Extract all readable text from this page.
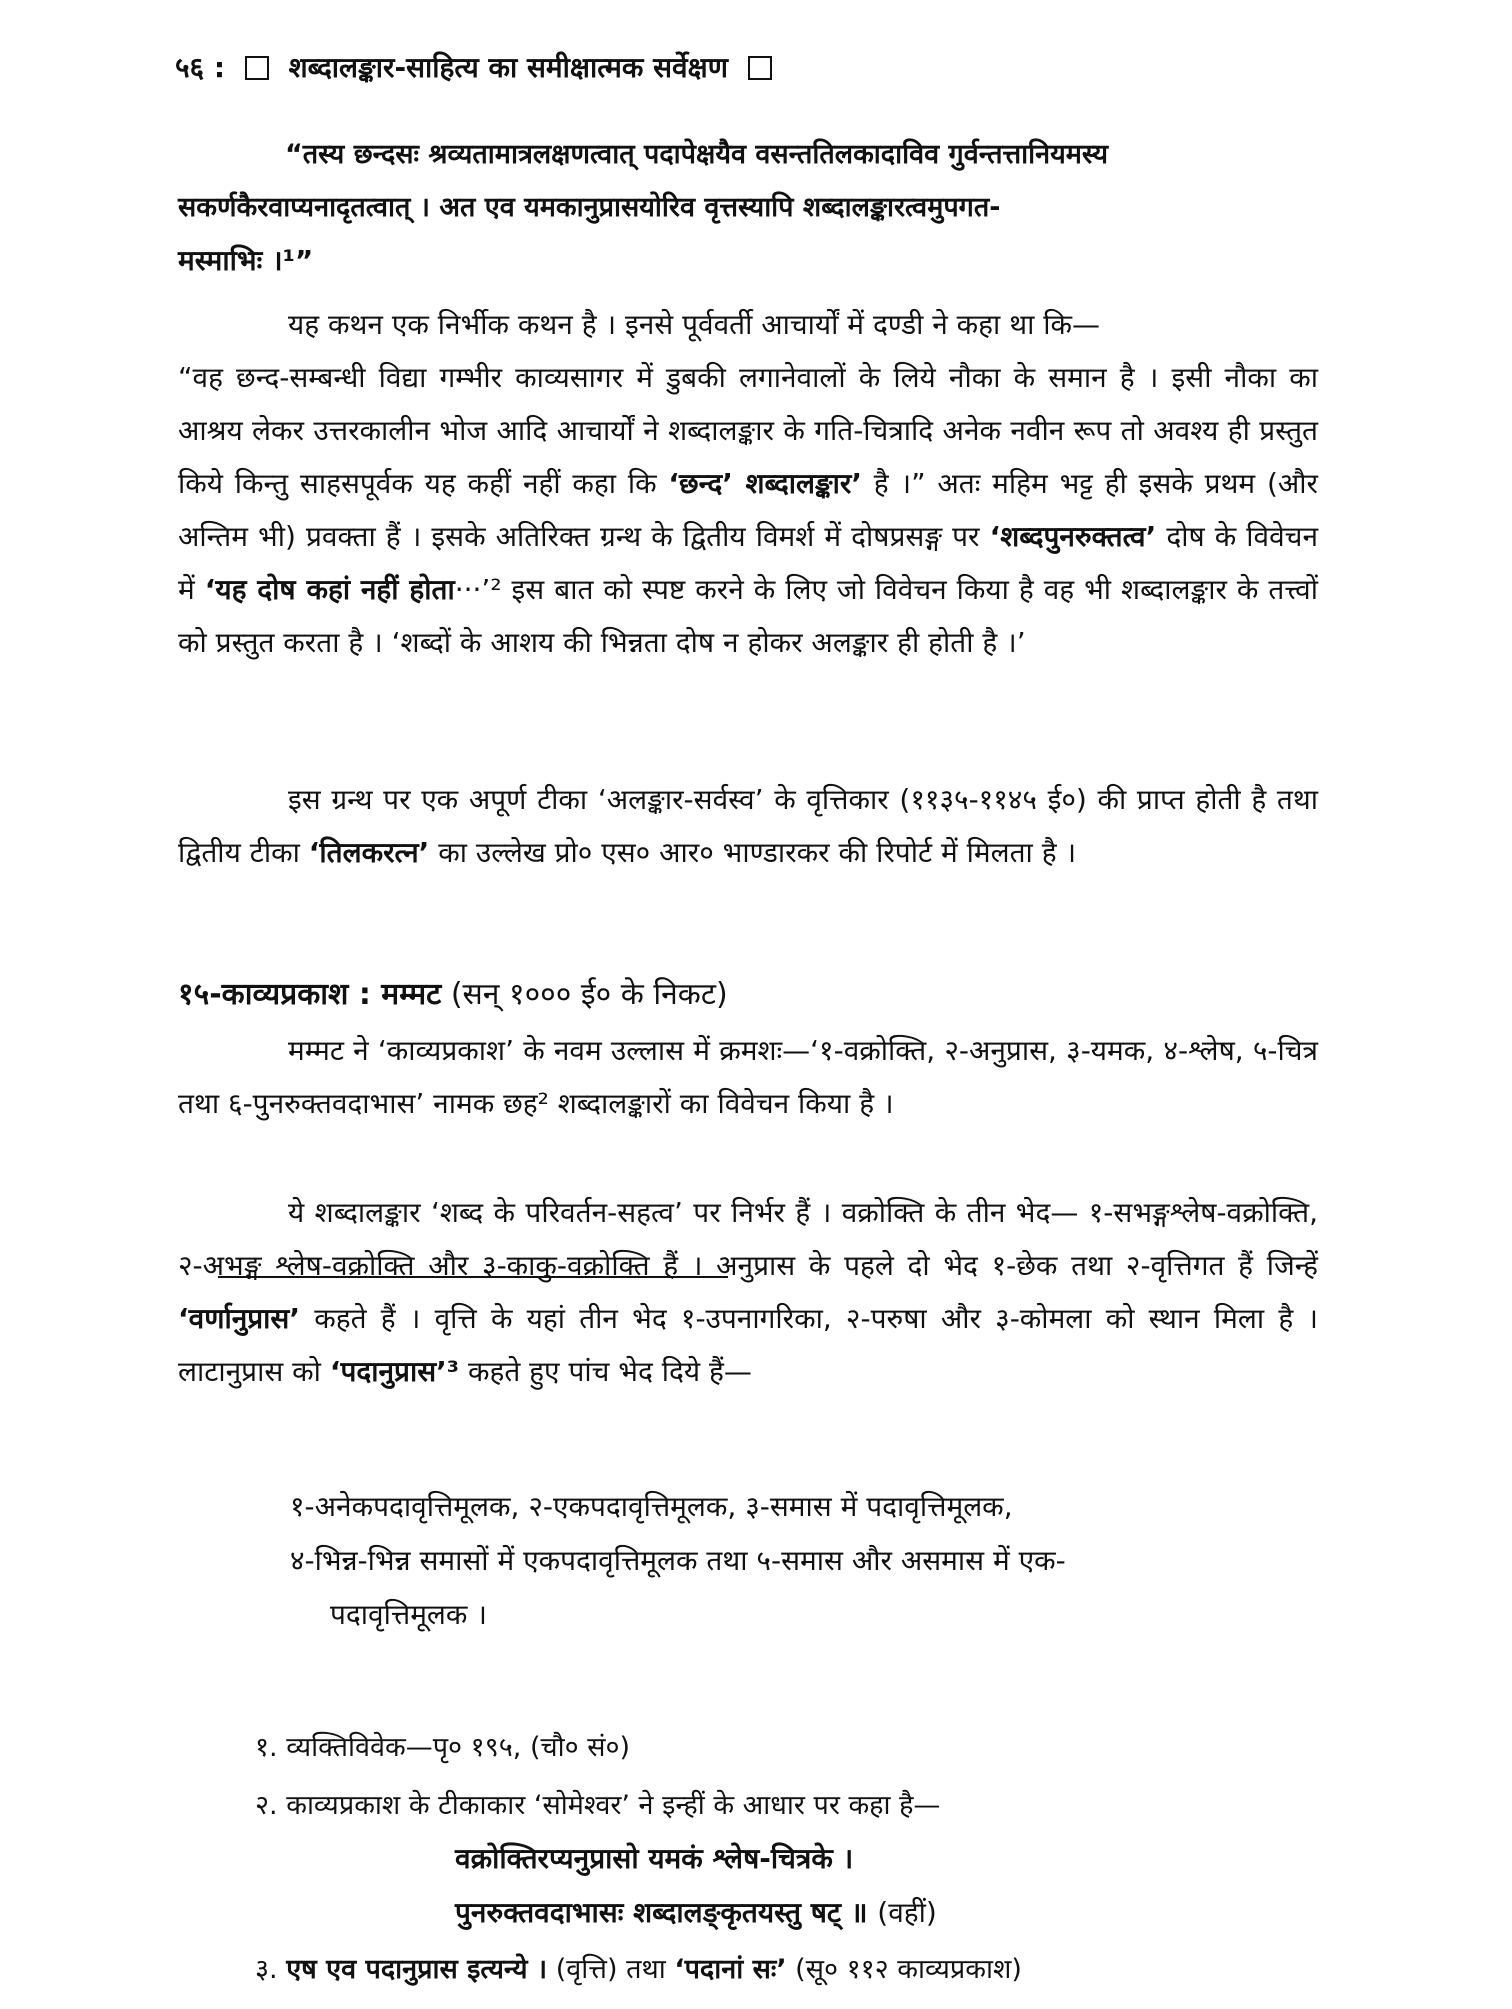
५६ : शब्दालङ्कार-साहित्य का समीक्षात्मक सर्वेक्षण
“तस्य छन्दसः श्रव्यतामात्रलक्षणत्वात् पदापेक्षयैव वसन्ततिलकादाविव गुर्वन्तत्तानियमस्य
सकर्णकैरवाप्यनादृतत्वात् । अत एव यमकानुप्रासयोरिव वृत्तस्यापि शब्दालङ्कारत्वमुपगत-
मस्माभिः ।¹”
यह कथन एक निर्भीक कथन है । इनसे पूर्ववर्ती आचार्यों में दण्डी ने कहा था कि—

“वह छन्द-सम्बन्धी विद्या गम्भीर काव्यसागर में डुबकी लगानेवालों के लिये नौका के समान है । इसी नौका का आश्रय लेकर उत्तरकालीन भोज आदि आचार्यों ने शब्दालङ्कार के गति-चित्रादि अनेक नवीन रूप तो अवश्य ही प्रस्तुत किये किन्तु साहसपूर्वक यह कहीं नहीं कहा कि ‘छन्द’ शब्दालङ्कार’ है ।” अतः महिम भट्ट ही इसके प्रथम (और अन्तिम भी) प्रवक्ता हैं । इसके अतिरिक्त ग्रन्थ के द्वितीय विमर्श में दोषप्रसङ्ग पर ‘शब्दपुनरुक्तत्व’ दोष के विवेचन में ‘यह दोष कहां नहीं होता···’² इस बात को स्पष्ट करने के लिए जो विवेचन किया है वह भी शब्दालङ्कार के तत्त्वों को प्रस्तुत करता है । ‘शब्दों के आशय की भिन्नता दोष न होकर अलङ्कार ही होती है ।’

इस ग्रन्थ पर एक अपूर्ण टीका ‘अलङ्कार-सर्वस्व’ के वृत्तिकार (११३५-११४५ ई०) की प्राप्त होती है तथा द्वितीय टीका ‘तिलकरत्न’ का उल्लेख प्रो० एस० आर० भाण्डारकर की रिपोर्ट में मिलता है ।

१५-काव्यप्रकाश : मम्मट (सन् १००० ई० के निकट)

मम्मट ने ‘काव्यप्रकाश’ के नवम उल्लास में क्रमशः—‘१-वक्रोक्ति, २-अनुप्रास, ३-यमक, ४-श्लेष, ५-चित्र तथा ६-पुनरुक्तवदाभास’ नामक छह² शब्दालङ्कारों का विवेचन किया है ।

ये शब्दालङ्कार ‘शब्द के परिवर्तन-सहत्व’ पर निर्भर हैं । वक्रोक्ति के तीन भेद— १-सभङ्गश्लेष-वक्रोक्ति, २-अभङ्ग श्लेष-वक्रोक्ति और ३-काकु-वक्रोक्ति हैं । अनुप्रास के पहले दो भेद १-छेक तथा २-वृत्तिगत हैं जिन्हें ‘वर्णानुप्रास’ कहते हैं । वृत्ति के यहां तीन भेद १-उपनागरिका, २-परुषा और ३-कोमला को स्थान मिला है । लाटानुप्रास को ‘पदानुप्रास’³ कहते हुए पांच भेद दिये हैं—

१-अनेकपदावृत्तिमूलक, २-एकपदावृत्तिमूलक, ३-समास में पदावृत्तिमूलक,
४-भिन्न-भिन्न समासों में एकपदावृत्तिमूलक तथा ५-समास और असमास में एक-
पदावृत्तिमूलक ।
१. व्यक्तिविवेक—पृ० १९५, (चौ० सं०)
२. काव्यप्रकाश के टीकाकार ‘सोमेश्वर’ ने इन्हीं के आधार पर कहा है—
वक्रोक्तिरप्यनुप्रासो यमकं श्लेष-चित्रके ।
पुनरुक्तवदाभासः शब्दालङ्कृतयस्तु षट् ॥ (वहीं)
३. एष एव पदानुप्रास इत्यन्ये । (वृत्ति) तथा ‘पदानां सः’ (सू० ११२ काव्यप्रकाश)
